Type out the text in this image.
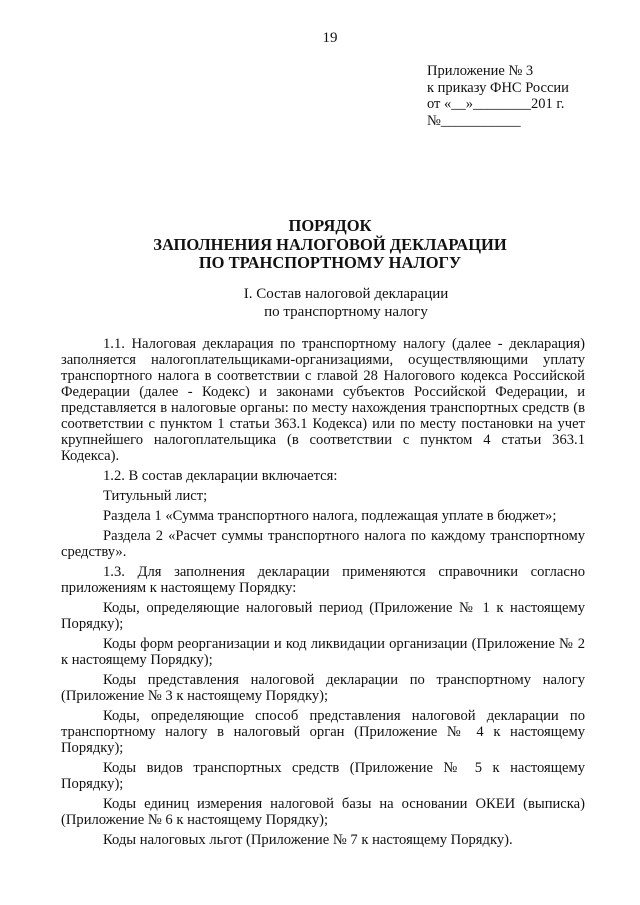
19
Приложение № 3
к приказу ФНС России
от «__»________201 г.
№___________
ПОРЯДОК
ЗАПОЛНЕНИЯ НАЛОГОВОЙ ДЕКЛАРАЦИИ
ПО ТРАНСПОРТНОМУ НАЛОГУ
I. Состав налоговой декларации
по транспортному налогу

1.1. Налоговая декларация по транспортному налогу (далее - декларация) заполняется налогоплательщиками-организациями, осуществляющими уплату транспортного налога в соответствии с главой 28 Налогового кодекса Российской Федерации (далее - Кодекс) и законами субъектов Российской Федерации, и представляется в налоговые органы: по месту нахождения транспортных средств (в соответствии с пунктом 1 статьи 363.1 Кодекса) или по месту постановки на учет крупнейшего налогоплательщика (в соответствии с пунктом 4 статьи 363.1 Кодекса).

1.2. В состав декларации включается:

Титульный лист;

Раздела 1 «Сумма транспортного налога, подлежащая уплате в бюджет»;

Раздела 2 «Расчет суммы транспортного налога по каждому транспортному средству».

1.3. Для заполнения декларации применяются справочники согласно приложениям к настоящему Порядку:

Коды, определяющие налоговый период (Приложение № 1 к настоящему Порядку);

Коды форм реорганизации и код ликвидации организации (Приложение № 2 к настоящему Порядку);

Коды представления налоговой декларации по транспортному налогу (Приложение № 3 к настоящему Порядку);

Коды, определяющие способ представления налоговой декларации по транспортному налогу в налоговый орган (Приложение № 4 к настоящему Порядку);

Коды видов транспортных средств (Приложение № 5 к настоящему Порядку);

Коды единиц измерения налоговой базы на основании ОКЕИ (выписка) (Приложение № 6 к настоящему Порядку);

Коды налоговых льгот (Приложение № 7 к настоящему Порядку).
